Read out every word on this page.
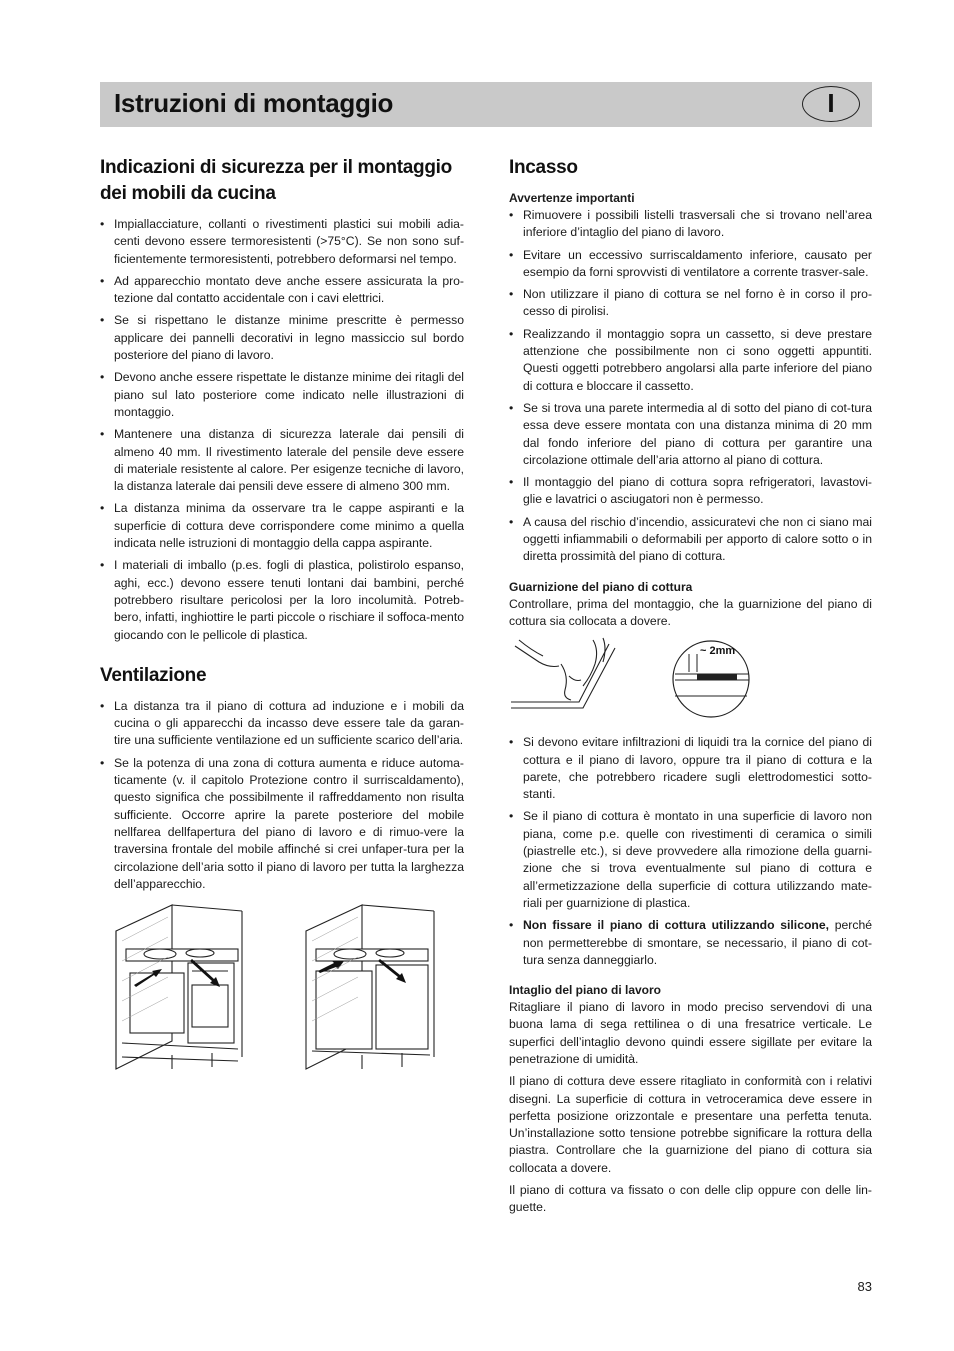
Istruzioni di montaggio	I
Indicazioni di sicurezza per il montaggio dei mobili da cucina
• Impiallacciature, collanti o rivestimenti plastici sui mobili adia-centi devono essere termoresistenti (>75°C). Se non sono suf-ficientemente termoresistenti, potrebbero deformarsi nel tempo.
• Ad apparecchio montato deve anche essere assicurata la pro-tezione dal contatto accidentale con i cavi elettrici.
• Se si rispettano le distanze minime prescritte è permesso applicare dei pannelli decorativi in legno massiccio sul bordo posteriore del piano di lavoro.
• Devono anche essere rispettate le distanze minime dei ritagli del piano sul lato posteriore come indicato nelle illustrazioni di montaggio.
• Mantenere una distanza di sicurezza laterale dai pensili di almeno 40 mm. Il rivestimento laterale del pensile deve essere di materiale resistente al calore. Per esigenze tecniche di lavoro, la distanza laterale dai pensili deve essere di almeno 300 mm.
• La distanza minima da osservare tra le cappe aspiranti e la superficie di cottura deve corrispondere come minimo a quella indicata nelle istruzioni di montaggio della cappa aspirante.
• I materiali di imballo (p.es. fogli di plastica, polistirolo espanso, aghi, ecc.) devono essere tenuti lontani dai bambini, perché potrebbero risultare pericolosi per la loro incolumità. Potreb-bero, infatti, inghiottire le parti piccole o rischiare il soffoca-mento giocando con le pellicole di plastica.
Ventilazione
• La distanza tra il piano di cottura ad induzione e i mobili da cucina o gli apparecchi da incasso deve essere tale da garan-tire una sufficiente ventilazione ed un sufficiente scarico dell’aria.
• Se la potenza di una zona di cottura aumenta e riduce automa-ticamente (v. il capitolo Protezione contro il surriscaldamento), questo significa che possibilmente il raffreddamento non risulta sufficiente. Occorre aprire la parete posteriore del mobile nellfarea dellfapertura del piano di lavoro e di rimuo-vere la traversina frontale del mobile affinché si crei unfaper-tura per la circolazione dell’aria sotto il piano di lavoro per tutta la larghezza dell’apparecchio.
Incasso
Avvertenze importanti
• Rimuovere i possibili listelli trasversali che si trovano nell’area inferiore d’intaglio del piano di lavoro.
• Evitare un eccessivo surriscaldamento inferiore, causato per esempio da forni sprovvisti di ventilatore a corrente trasver-sale.
• Non utilizzare il piano di cottura se nel forno è in corso il pro-cesso di pirolisi.
• Realizzando il montaggio sopra un cassetto, si deve prestare attenzione che possibilmente non ci sono oggetti appuntiti. Questi oggetti potrebbero angolarsi alla parte inferiore del piano di cottura e bloccare il cassetto.
• Se si trova una parete intermedia al di sotto del piano di cot-tura essa deve essere montata con una distanza minima di 20 mm dal fondo inferiore del piano di cottura per garantire una circolazione ottimale dell’aria attorno al piano di cottura.
• Il montaggio del piano di cottura sopra refrigeratori, lavastovi-glie e lavatrici o asciugatori non è permesso.
• A causa del rischio d’incendio, assicuratevi che non ci siano mai oggetti infiammabili o deformabili per apporto di calore sotto o in diretta prossimità del piano di cottura.
Guarnizione del piano di cottura

Controllare, prima del montaggio, che la guarnizione del piano di cottura sia collocata a dovere.

~ 2mm
• Si devono evitare infiltrazioni di liquidi tra la cornice del piano di cottura e il piano di lavoro, oppure tra il piano di cottura e la parete, che potrebbero ricadere sugli elettrodomestici sotto-stanti.
• Se il piano di cottura è montato in una superficie di lavoro non piana, come p.e. quelle con rivestimenti di ceramica o simili (piastrelle etc.), si deve provvedere alla rimozione della guarni-zione che si trova eventualmente sul piano di cottura e all’ermetizzazione della superficie di cottura utilizzando mate-riali per guarnizione di plastica.
• Non fissare il piano di cottura utilizzando silicone, perché non permetterebbe di smontare, se necessario, il piano di cot-tura senza danneggiarlo.
Intaglio del piano di lavoro

Ritagliare il piano di lavoro in modo preciso servendovi di una buona lama di sega rettilinea o di una fresatrice verticale. Le superfici dell’intaglio devono quindi essere sigillate per evitare la penetrazione di umidità.

Il piano di cottura deve essere ritagliato in conformità con i relativi disegni. La superficie di cottura in vetroceramica deve essere in perfetta posizione orizzontale e presentare una perfetta tenuta. Un’installazione sotto tensione potrebbe significare la rottura della piastra. Controllare che la guarnizione del piano di cottura sia collocata a dovere.

Il piano di cottura va fissato o con delle clip oppure con delle lin-guette.

83
